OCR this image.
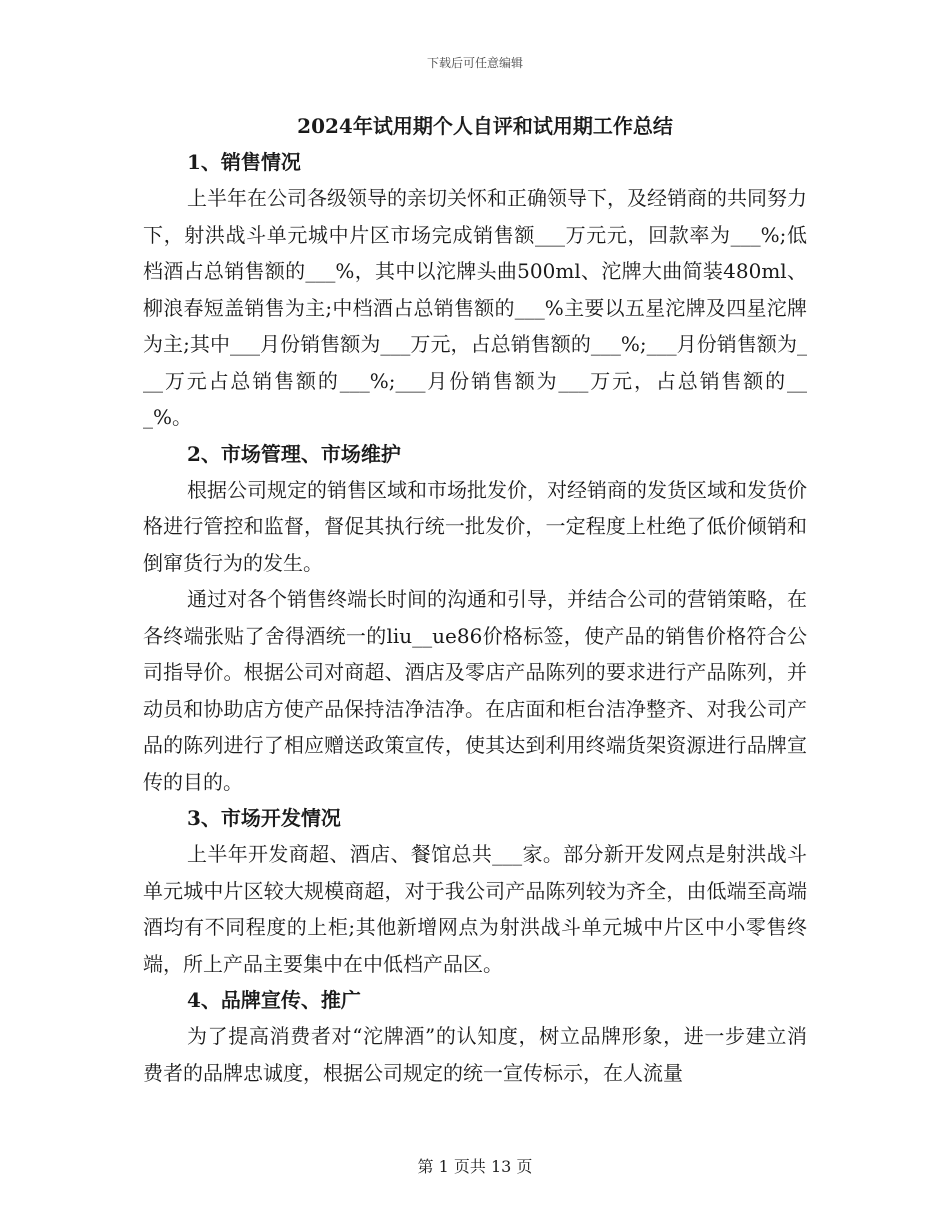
下载后可任意编辑
2024年试用期个人自评和试用期工作总结

1、销售情况

上半年在公司各级领导的亲切关怀和正确领导下，及经销商的共同努力下，射洪战斗单元城中片区市场完成销售额___万元元，回款率为___%;低档酒占总销售额的___%，其中以沱牌头曲500ml、沱牌大曲简装480ml、柳浪春短盖销售为主;中档酒占总销售额的___%主要以五星沱牌及四星沱牌为主;其中___月份销售额为___万元，占总销售额的___%;___月份销售额为___万元占总销售额的___%;___月份销售额为___万元，占总销售额的___%。

2、市场管理、市场维护

根据公司规定的销售区域和市场批发价，对经销商的发货区域和发货价格进行管控和监督，督促其执行统一批发价，一定程度上杜绝了低价倾销和倒窜货行为的发生。

通过对各个销售终端长时间的沟通和引导，并结合公司的营销策略，在各终端张贴了舍得酒统一的liu__ue86价格标签，使产品的销售价格符合公司指导价。根据公司对商超、酒店及零店产品陈列的要求进行产品陈列，并动员和协助店方使产品保持洁净洁净。在店面和柜台洁净整齐、对我公司产品的陈列进行了相应赠送政策宣传，使其达到利用终端货架资源进行品牌宣传的目的。

3、市场开发情况

上半年开发商超、酒店、餐馆总共___家。部分新开发网点是射洪战斗单元城中片区较大规模商超，对于我公司产品陈列较为齐全，由低端至高端酒均有不同程度的上柜;其他新增网点为射洪战斗单元城中片区中小零售终端，所上产品主要集中在中低档产品区。

4、品牌宣传、推广

为了提高消费者对“沱牌酒”的认知度，树立品牌形象，进一步建立消费者的品牌忠诚度，根据公司规定的统一宣传标示，在人流量

第 1 页共 13 页
